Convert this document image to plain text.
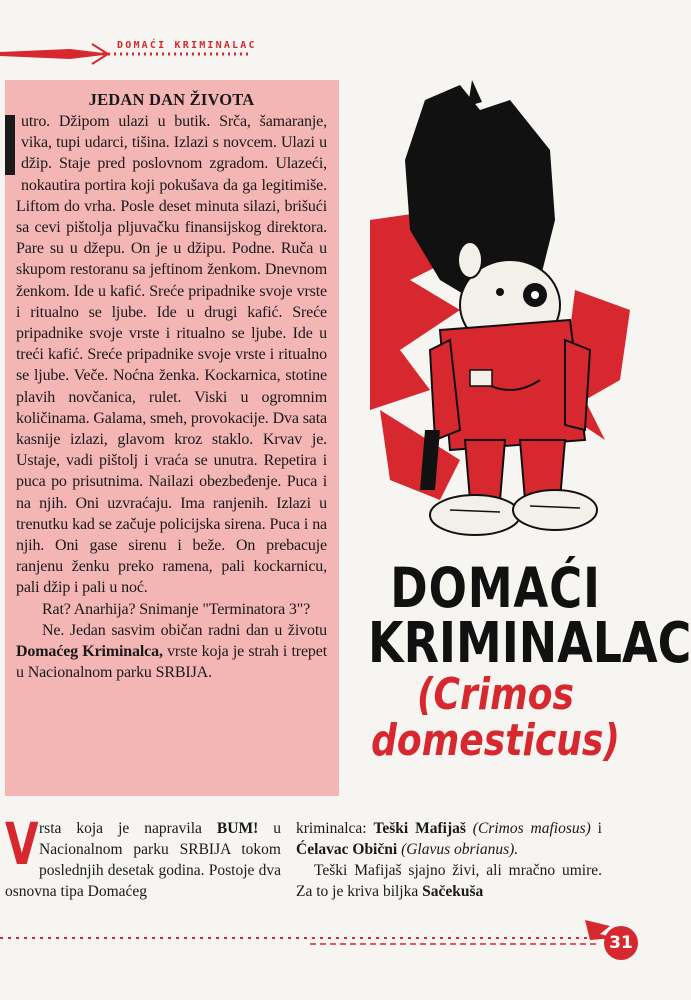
DOMAĆI KRIMINALAC
JEDAN DAN ŽIVOTA

utro. Džipom ulazi u butik. Srča, šamaranje, vika, tupi udarci, tišina. Izlazi s novcem. Ulazi u džip. Staje pred poslovnom zgradom. Ulazeći, nokautira portira koji pokušava da ga legitimiše. Liftom do vrha. Posle deset minuta silazi, brišući sa cevi pištolja pljuvačku finansijskog direktora. Pare su u džepu. On je u džipu. Podne. Ruča u skupom restoranu sa jeftinom ženkom. Dnevnom ženkom. Ide u kafić. Sreće pripadnike svoje vrste i ritualno se ljube. Ide u drugi kafić. Sreće pripadnike svoje vrste i ritualno se ljube. Ide u treći kafić. Sreće pripadnike svoje vrste i ritualno se ljube. Veče. Noćna ženka. Kockarnica, stotine plavih novčanica, rulet. Viski u ogromnim količinama. Galama, smeh, provokacije. Dva sata kasnije izlazi, glavom kroz staklo. Krvav je. Ustaje, vadi pištolj i vraća se unutra. Repetira i puca po prisutnima. Nailazi obezbeđenje. Puca i na njih. Oni uzvraćaju. Ima ranjenih. Izlazi u trenutku kad se začuje policijska sirena. Puca i na njih. Oni gase sirenu i beže. On prebacuje ranjenu ženku preko ramena, pali kockarnicu, pali džip i pali u noć.

Rat? Anarhija? Snimanje "Terminatora 3"?

Ne. Jedan sasvim običan radni dan u životu Domaćeg Kriminalca, vrste koja je strah i trepet u Nacionalnom parku SRBIJA.

DOMAĆI
KRIMINALAC
(Crimos
domesticus)

Vrsta koja je napravila BUM! u Nacionalnom parku SRBIJA tokom poslednjih desetak godina. Postoje dva osnovna tipa Domaćeg

kriminalca: Teški Mafijaš (Crimos mafiosus) i Ćelavac Obični (Glavus obrianus).

Teški Mafijaš sjajno živi, ali mračno umire. Za to je kriva biljka Sačekuša

31
